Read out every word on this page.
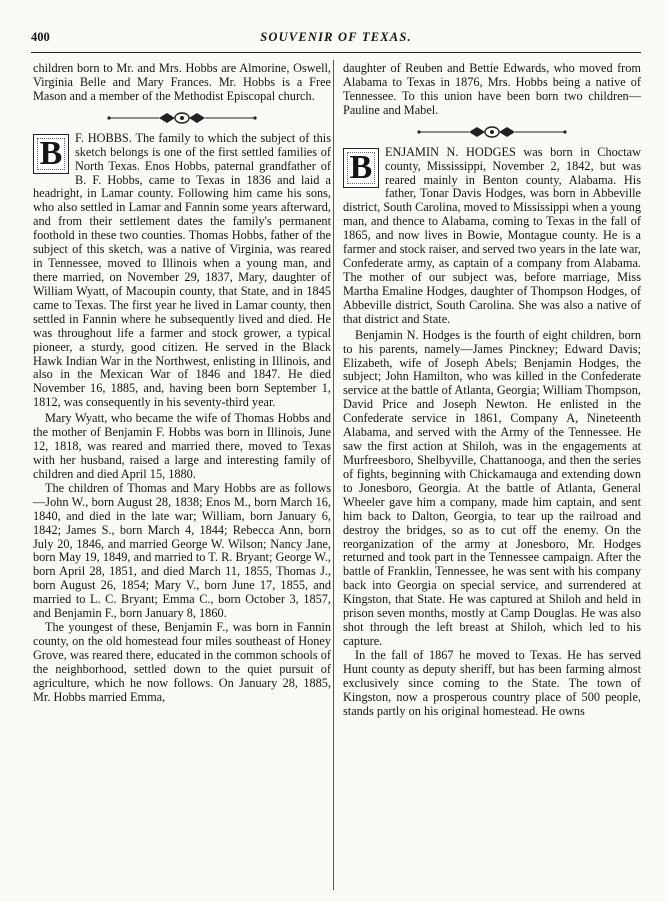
400	SOUVENIR OF TEXAS.

children born to Mr. and Mrs. Hobbs are Almorine, Oswell, Virginia Belle and Mary Frances. Mr. Hobbs is a Free Mason and a member of the Methodist Episcopal church.

B	F. HOBBS. The family to which the subject of this sketch belongs is one of the first settled families of North Texas. Enos Hobbs, paternal grandfather of B. F. Hobbs, came to Texas in 1836 and laid a headright, in Lamar county. Following him came his sons, who also settled in Lamar and Fannin some years afterward, and from their settlement dates the family's permanent foothold in these two counties. Thomas Hobbs, father of the subject of this sketch, was a native of Virginia, was reared in Tennessee, moved to Illinois when a young man, and there married, on November 29, 1837, Mary, daughter of William Wyatt, of Macoupin county, that State, and in 1845 came to Texas. The first year he lived in Lamar county, then settled in Fannin where he subsequently lived and died. He was throughout life a farmer and stock grower, a typical pioneer, a sturdy, good citizen. He served in the Black Hawk Indian War in the Northwest, enlisting in Illinois, and also in the Mexican War of 1846 and 1847. He died November 16, 1885, and, having been born September 1, 1812, was consequently in his seventy-third year.

Mary Wyatt, who became the wife of Thomas Hobbs and the mother of Benjamin F. Hobbs was born in Illinois, June 12, 1818, was reared and married there, moved to Texas with her husband, raised a large and interesting family of children and died April 15, 1880.

The children of Thomas and Mary Hobbs are as follows—John W., born August 28, 1838; Enos M., born March 16, 1840, and died in the late war; William, born January 6, 1842; James S., born March 4, 1844; Rebecca Ann, born July 20, 1846, and married George W. Wilson; Nancy Jane, born May 19, 1849, and married to T. R. Bryant; George W., born April 28, 1851, and died March 11, 1855, Thomas J., born August 26, 1854; Mary V., born June 17, 1855, and married to L. C. Bryant; Emma C., born October 3, 1857, and Benjamin F., born January 8, 1860.

The youngest of these, Benjamin F., was born in Fannin county, on the old homestead four miles southeast of Honey Grove, was reared there, educated in the common schools of the neighborhood, settled down to the quiet pursuit of agriculture, which he now follows. On January 28, 1885, Mr. Hobbs married Emma,

daughter of Reuben and Bettie Edwards, who moved from Alabama to Texas in 1876, Mrs. Hobbs being a native of Tennessee. To this union have been born two children—Pauline and Mabel.

B	ENJAMIN N. HODGES was born in Choctaw county, Mississippi, November 2, 1842, but was reared mainly in Benton county, Alabama. His father, Tonar Davis Hodges, was born in Abbeville district, South Carolina, moved to Mississippi when a young man, and thence to Alabama, coming to Texas in the fall of 1865, and now lives in Bowie, Montague county. He is a farmer and stock raiser, and served two years in the late war, Confederate army, as captain of a company from Alabama. The mother of our subject was, before marriage, Miss Martha Emaline Hodges, daughter of Thompson Hodges, of Abbeville district, South Carolina. She was also a native of that district and State.

Benjamin N. Hodges is the fourth of eight children, born to his parents, namely—James Pinckney; Edward Davis; Elizabeth, wife of Joseph Abels; Benjamin Hodges, the subject; John Hamilton, who was killed in the Confederate service at the battle of Atlanta, Georgia; William Thompson, David Price and Joseph Newton. He enlisted in the Confederate service in 1861, Company A, Nineteenth Alabama, and served with the Army of the Tennessee. He saw the first action at Shiloh, was in the engagements at Murfreesboro, Shelbyville, Chattanooga, and then the series of fights, beginning with Chickamauga and extending down to Jonesboro, Georgia. At the battle of Atlanta, General Wheeler gave him a company, made him captain, and sent him back to Dalton, Georgia, to tear up the railroad and destroy the bridges, so as to cut off the enemy. On the reorganization of the army at Jonesboro, Mr. Hodges returned and took part in the Tennessee campaign. After the battle of Franklin, Tennessee, he was sent with his company back into Georgia on special service, and surrendered at Kingston, that State. He was captured at Shiloh and held in prison seven months, mostly at Camp Douglas. He was also shot through the left breast at Shiloh, which led to his capture.

In the fall of 1867 he moved to Texas. He has served Hunt county as deputy sheriff, but has been farming almost exclusively since coming to the State. The town of Kingston, now a prosperous country place of 500 people, stands partly on his original homestead. He owns
